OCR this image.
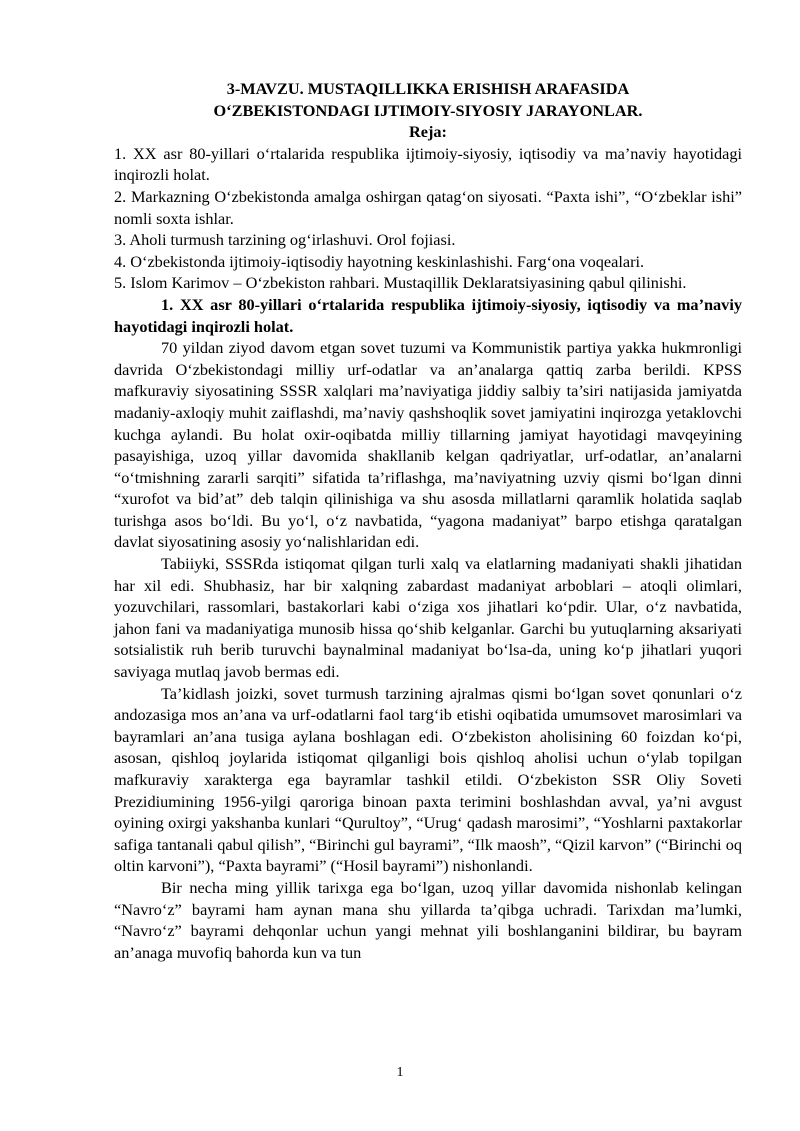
3-MAVZU. MUSTAQILLIKKA ERISHISH ARAFASIDA
O‘ZBEKISTONDAGI IJTIMOIY-SIYOSIY JARAYONLAR.
Reja:

1. XX asr 80-yillari o‘rtalarida respublika ijtimoiy-siyosiy, iqtisodiy va ma’naviy hayotidagi inqirozli holat.

2. Markazning O‘zbekistonda amalga oshirgan qatag‘on siyosati. “Paxta ishi”, “O‘zbeklar ishi” nomli soxta ishlar.

3. Aholi turmush tarzining og‘irlashuvi. Orol fojiasi.

4. O‘zbekistonda ijtimoiy-iqtisodiy hayotning keskinlashishi. Farg‘ona voqealari.

5. Islom Karimov – O‘zbekiston rahbari. Mustaqillik Deklaratsiyasining qabul qilinishi.

1. XX asr 80-yillari o‘rtalarida respublika ijtimoiy-siyosiy, iqtisodiy va ma’naviy hayotidagi inqirozli holat.

70 yildan ziyod davom etgan sovet tuzumi va Kommunistik partiya yakka hukmronligi davrida O‘zbekistondagi milliy urf-odatlar va an’analarga qattiq zarba berildi. KPSS mafkuraviy siyosatining SSSR xalqlari ma’naviyatiga jiddiy salbiy ta’siri natijasida jamiyatda madaniy-axloqiy muhit zaiflashdi, ma’naviy qashshoqlik sovet jamiyatini inqirozga yetaklovchi kuchga aylandi. Bu holat oxir-oqibatda milliy tillarning jamiyat hayotidagi mavqeyining pasayishiga, uzoq yillar davomida shakllanib kelgan qadriyatlar, urf-odatlar, an’analarni “o‘tmishning zararli sarqiti” sifatida ta’riflashga, ma’naviyatning uzviy qismi bo‘lgan dinni “xurofot va bid’at” deb talqin qilinishiga va shu asosda millatlarni qaramlik holatida saqlab turishga asos bo‘ldi. Bu yo‘l, o‘z navbatida, “yagona madaniyat” barpo etishga qaratalgan davlat siyosatining asosiy yo‘nalishlaridan edi.

Tabiiyki, SSSRda istiqomat qilgan turli xalq va elatlarning madaniyati shakli jihatidan har xil edi. Shubhasiz, har bir xalqning zabardast madaniyat arboblari – atoqli olimlari, yozuvchilari, rassomlari, bastakorlari kabi o‘ziga xos jihatlari ko‘pdir. Ular, o‘z navbatida, jahon fani va madaniyatiga munosib hissa qo‘shib kelganlar. Garchi bu yutuqlarning aksariyati sotsialistik ruh berib turuvchi baynalminal madaniyat bo‘lsa-da, uning ko‘p jihatlari yuqori saviyaga mutlaq javob bermas edi.

Ta’kidlash joizki, sovet turmush tarzining ajralmas qismi bo‘lgan sovet qonunlari o‘z andozasiga mos an’ana va urf-odatlarni faol targ‘ib etishi oqibatida umumsovet marosimlari va bayramlari an’ana tusiga aylana boshlagan edi. O‘zbekiston aholisining 60 foizdan ko‘pi, asosan, qishloq joylarida istiqomat qilganligi bois qishloq aholisi uchun o‘ylab topilgan mafkuraviy xarakterga ega bayramlar tashkil etildi. O‘zbekiston SSR Oliy Soveti Prezidiumining 1956-yilgi qaroriga binoan paxta terimini boshlashdan avval, ya’ni avgust oyining oxirgi yakshanba kunlari “Qurultoy”, “Urug‘ qadash marosimi”, “Yoshlarni paxtakorlar safiga tantanali qabul qilish”, “Birinchi gul bayrami”, “Ilk maosh”, “Qizil karvon” (“Birinchi oq oltin karvoni”), “Paxta bayrami” (“Hosil bayrami”) nishonlandi.

Bir necha ming yillik tarixga ega bo‘lgan, uzoq yillar davomida nishonlab kelingan “Navro‘z” bayrami ham aynan mana shu yillarda ta’qibga uchradi. Tarixdan ma’lumki, “Navro‘z” bayrami dehqonlar uchun yangi mehnat yili boshlanganini bildirar, bu bayram an’anaga muvofiq bahorda kun va tun

1
